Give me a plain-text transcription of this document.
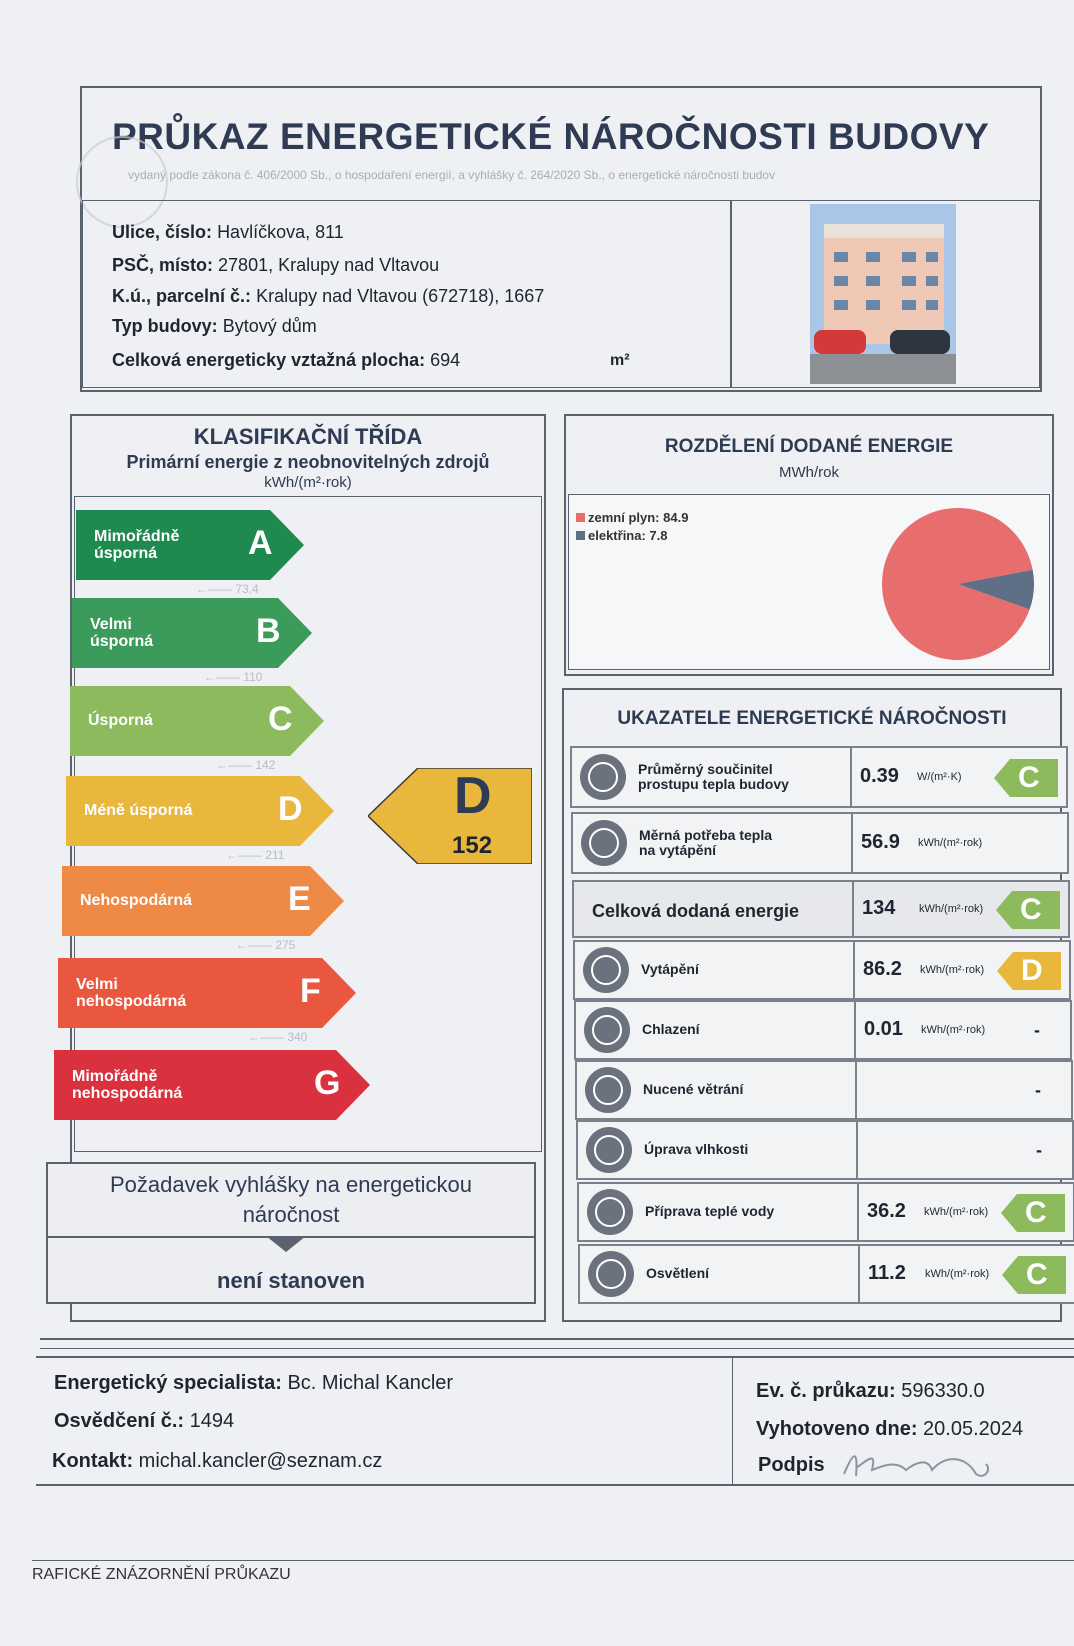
PRŮKAZ ENERGETICKÉ NÁROČNOSTI BUDOVY
vydaný podle zákona č. 406/2000 Sb., o hospodaření energií, a vyhlášky č. 264/2020 Sb., o energetické náročnosti budov
Ulice, číslo: Havlíčkova, 811
PSČ, místo: 27801, Kralupy nad Vltavou
K.ú., parcelní č.: Kralupy nad Vltavou (672718), 1667
Typ budovy: Bytový dům
Celková energeticky vztažná plocha: 694	m²
KLASIFIKAČNÍ TŘÍDA
Primární energie z neobnovitelných zdrojů
kWh/(m²·rok)
Mimořádně
úsporná	A
←—— 73.4
Velmi
úsporná	B
←—— 110
Úsporná	C
←—— 142
Méně úsporná	D
←—— 211
Nehospodárná	E
←—— 275
Velmi
nehospodárná	F
←—— 340
Mimořádně
nehospodárná	G
D
152
Požadavek vyhlášky na energetickou
náročnost
není stanoven
ROZDĚLENÍ DODANÉ ENERGIE
MWh/rok
zemní plyn: 84.9
elektřina: 7.8
UKAZATELE ENERGETICKÉ NÁROČNOSTI
Průměrný součinitel
prostupu tepla budovy	0.39 W/(m²·K) C
Měrná potřeba tepla
na vytápění	56.9 kWh/(m²·rok)
Celková dodaná energie	134 kWh/(m²·rok) C
Vytápění	86.2 kWh/(m²·rok) D
Chlazení	0.01 kWh/(m²·rok)	-
Nucené větrání	-
Úprava vlhkosti	-
Příprava teplé vody	36.2 kWh/(m²·rok) C
Osvětlení	11.2 kWh/(m²·rok) C
Energetický specialista: Bc. Michal Kancler
Osvědčení č.: 1494
Kontakt: michal.kancler@seznam.cz
Ev. č. průkazu: 596330.0
Vyhotoveno dne: 20.05.2024
Podpis
RAFICKÉ ZNÁZORNĚNÍ PRŮKAZU
